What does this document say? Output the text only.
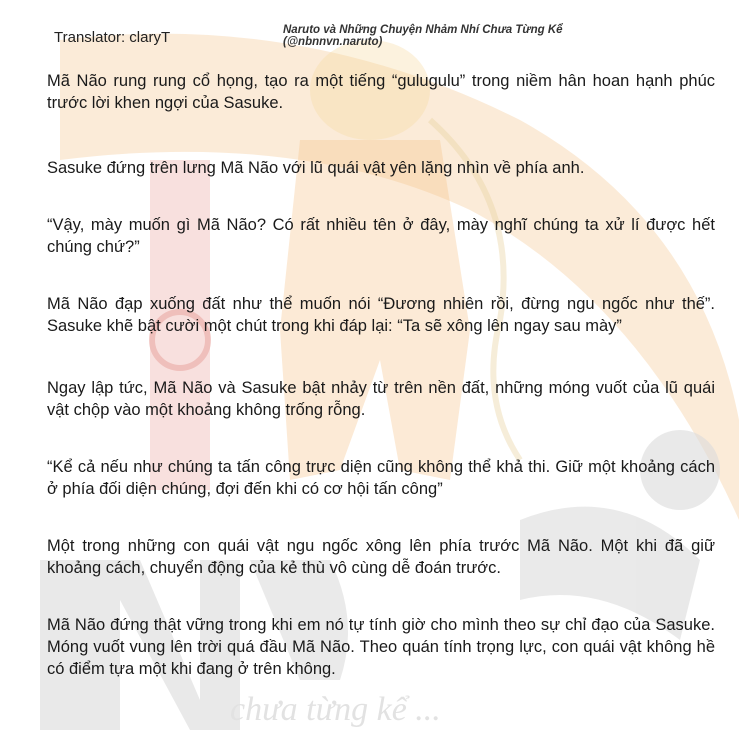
chưa từng kể ...
Translator: claryT	Naruto và Những Chuyện Nhảm Nhí Chưa Từng Kể
(@nbnnvn.naruto)

Mã Não rung rung cổ họng, tạo ra một tiếng “gulugulu” trong niềm hân hoan hạnh phúc trước lời khen ngợi của Sasuke.

Sasuke đứng trên lưng Mã Não với lũ quái vật yên lặng nhìn về phía anh.

“Vậy, mày muốn gì Mã Não? Có rất nhiều tên ở đây, mày nghĩ chúng ta xử lí được hết chúng chứ?”

Mã Não đạp xuống đất như thể muốn nói “Đương nhiên rồi, đừng ngu ngốc như thế”. Sasuke khẽ bật cười một chút trong khi đáp lại: “Ta sẽ xông lên ngay sau mày”

Ngay lập tức, Mã Não và Sasuke bật nhảy từ trên nền đất, những móng vuốt của lũ quái vật chộp vào một khoảng không trống rỗng.

“Kể cả nếu như chúng ta tấn công trực diện cũng không thể khả thi. Giữ một khoảng cách ở phía đối diện chúng, đợi đến khi có cơ hội tấn công”

Một trong những con quái vật ngu ngốc xông lên phía trước Mã Não. Một khi đã giữ khoảng cách, chuyển động của kẻ thù vô cùng dễ đoán trước.

Mã Não đứng thật vững trong khi em nó tự tính giờ cho mình theo sự chỉ đạo của Sasuke. Móng vuốt vung lên trời quá đầu Mã Não. Theo quán tính trọng lực, con quái vật không hề có điểm tựa một khi đang ở trên không.
